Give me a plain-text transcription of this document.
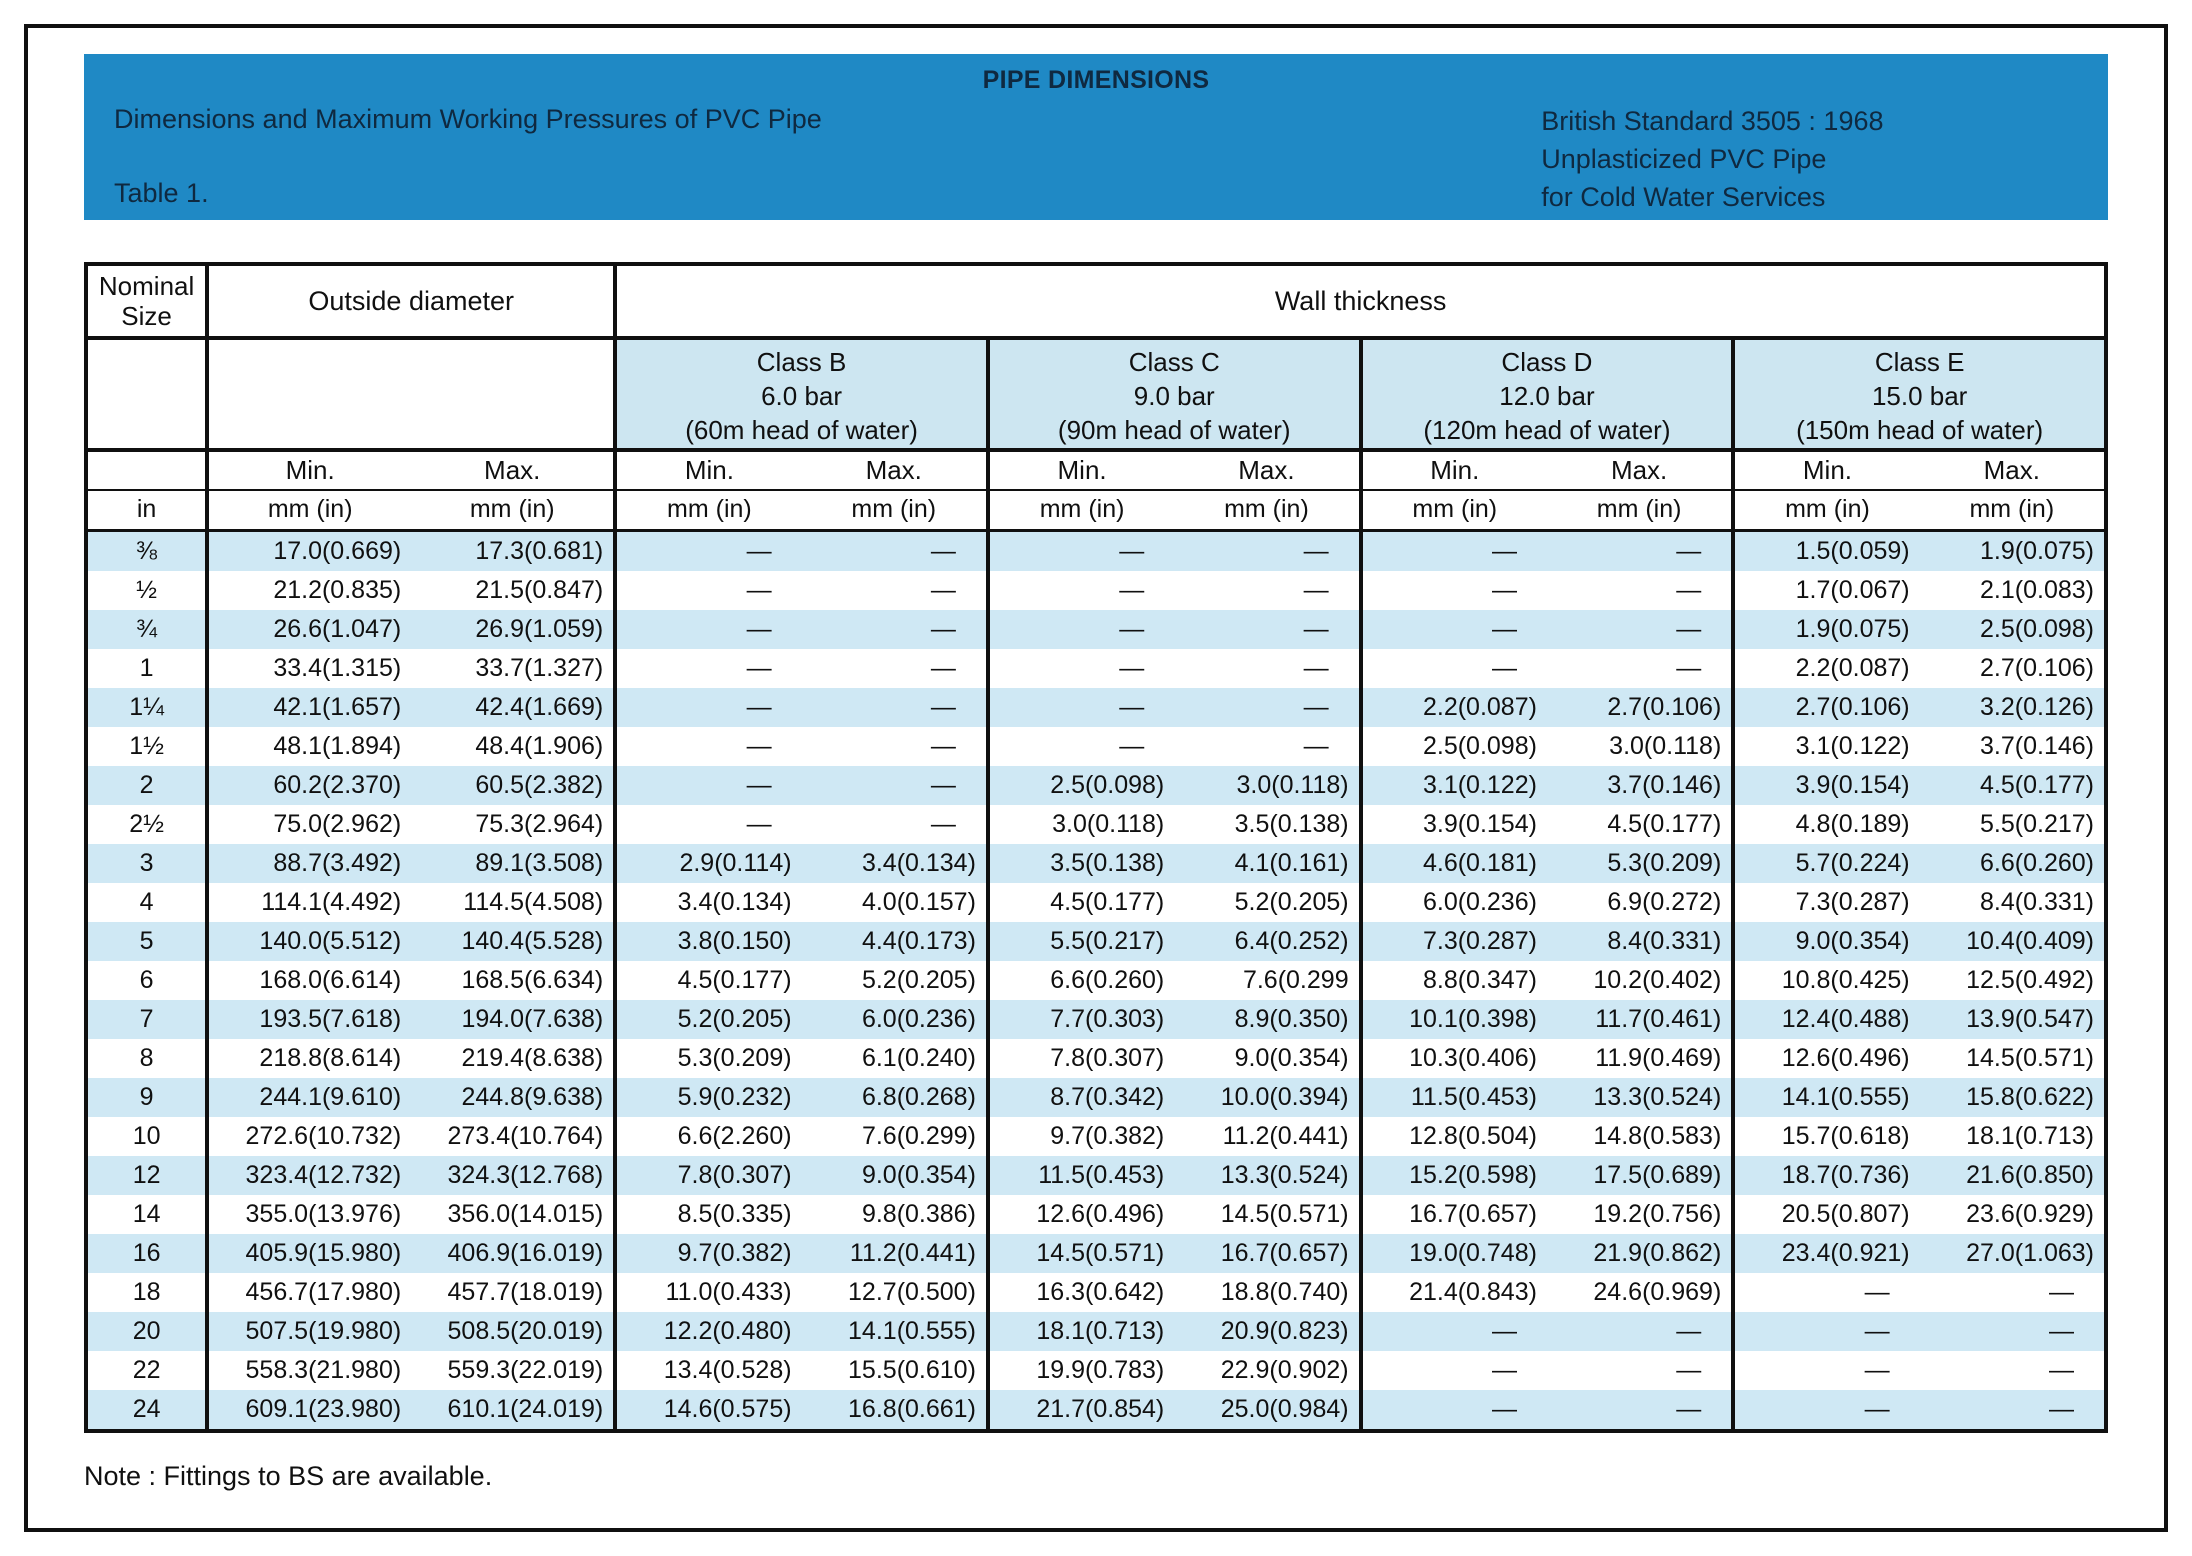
PIPE DIMENSIONS
Dimensions and Maximum Working Pressures of PVC Pipe
Table 1.
British Standard 3505 : 1968
Unplasticized PVC Pipe
for Cold Water Services
Nominal Size	Outside diameter		Wall thickness							

Class B
6.0 bar
(60m head of water)

Class C
9.0 bar
(90m head of water)

Class D
12.0 bar
(120m head of water)

Class E
15.0 bar
(150m head of water)

	Min.	Max.	Min.	Max.	Min.	Max.	Min.	Max.	Min.	Max.
in	mm (in)	mm (in)	mm (in)	mm (in)	mm (in)	mm (in)	mm (in)	mm (in)	mm (in)	mm (in)
⅜	17.0(0.669)	17.3(0.681)	—	—	—	—	—	—	1.5(0.059)	1.9(0.075)
½	21.2(0.835)	21.5(0.847)	—	—	—	—	—	—	1.7(0.067)	2.1(0.083)
¾	26.6(1.047)	26.9(1.059)	—	—	—	—	—	—	1.9(0.075)	2.5(0.098)
1	33.4(1.315)	33.7(1.327)	—	—	—	—	—	—	2.2(0.087)	2.7(0.106)
1¼	42.1(1.657)	42.4(1.669)	—	—	—	—	2.2(0.087)	2.7(0.106)	2.7(0.106)	3.2(0.126)
1½	48.1(1.894)	48.4(1.906)	—	—	—	—	2.5(0.098)	3.0(0.118)	3.1(0.122)	3.7(0.146)
2	60.2(2.370)	60.5(2.382)	—	—	2.5(0.098)	3.0(0.118)	3.1(0.122)	3.7(0.146)	3.9(0.154)	4.5(0.177)
2½	75.0(2.962)	75.3(2.964)	—	—	3.0(0.118)	3.5(0.138)	3.9(0.154)	4.5(0.177)	4.8(0.189)	5.5(0.217)
3	88.7(3.492)	89.1(3.508)	2.9(0.114)	3.4(0.134)	3.5(0.138)	4.1(0.161)	4.6(0.181)	5.3(0.209)	5.7(0.224)	6.6(0.260)
4	114.1(4.492)	114.5(4.508)	3.4(0.134)	4.0(0.157)	4.5(0.177)	5.2(0.205)	6.0(0.236)	6.9(0.272)	7.3(0.287)	8.4(0.331)
5	140.0(5.512)	140.4(5.528)	3.8(0.150)	4.4(0.173)	5.5(0.217)	6.4(0.252)	7.3(0.287)	8.4(0.331)	9.0(0.354)	10.4(0.409)
6	168.0(6.614)	168.5(6.634)	4.5(0.177)	5.2(0.205)	6.6(0.260)	7.6(0.299	8.8(0.347)	10.2(0.402)	10.8(0.425)	12.5(0.492)
7	193.5(7.618)	194.0(7.638)	5.2(0.205)	6.0(0.236)	7.7(0.303)	8.9(0.350)	10.1(0.398)	11.7(0.461)	12.4(0.488)	13.9(0.547)
8	218.8(8.614)	219.4(8.638)	5.3(0.209)	6.1(0.240)	7.8(0.307)	9.0(0.354)	10.3(0.406)	11.9(0.469)	12.6(0.496)	14.5(0.571)
9	244.1(9.610)	244.8(9.638)	5.9(0.232)	6.8(0.268)	8.7(0.342)	10.0(0.394)	11.5(0.453)	13.3(0.524)	14.1(0.555)	15.8(0.622)
10	272.6(10.732)	273.4(10.764)	6.6(2.260)	7.6(0.299)	9.7(0.382)	11.2(0.441)	12.8(0.504)	14.8(0.583)	15.7(0.618)	18.1(0.713)
12	323.4(12.732)	324.3(12.768)	7.8(0.307)	9.0(0.354)	11.5(0.453)	13.3(0.524)	15.2(0.598)	17.5(0.689)	18.7(0.736)	21.6(0.850)
14	355.0(13.976)	356.0(14.015)	8.5(0.335)	9.8(0.386)	12.6(0.496)	14.5(0.571)	16.7(0.657)	19.2(0.756)	20.5(0.807)	23.6(0.929)
16	405.9(15.980)	406.9(16.019)	9.7(0.382)	11.2(0.441)	14.5(0.571)	16.7(0.657)	19.0(0.748)	21.9(0.862)	23.4(0.921)	27.0(1.063)
18	456.7(17.980)	457.7(18.019)	11.0(0.433)	12.7(0.500)	16.3(0.642)	18.8(0.740)	21.4(0.843)	24.6(0.969)	—	—
20	507.5(19.980)	508.5(20.019)	12.2(0.480)	14.1(0.555)	18.1(0.713)	20.9(0.823)	—	—	—	—
22	558.3(21.980)	559.3(22.019)	13.4(0.528)	15.5(0.610)	19.9(0.783)	22.9(0.902)	—	—	—	—
24	609.1(23.980)	610.1(24.019)	14.6(0.575)	16.8(0.661)	21.7(0.854)	25.0(0.984)	—	—	—	—
Note : Fittings to BS are available.
